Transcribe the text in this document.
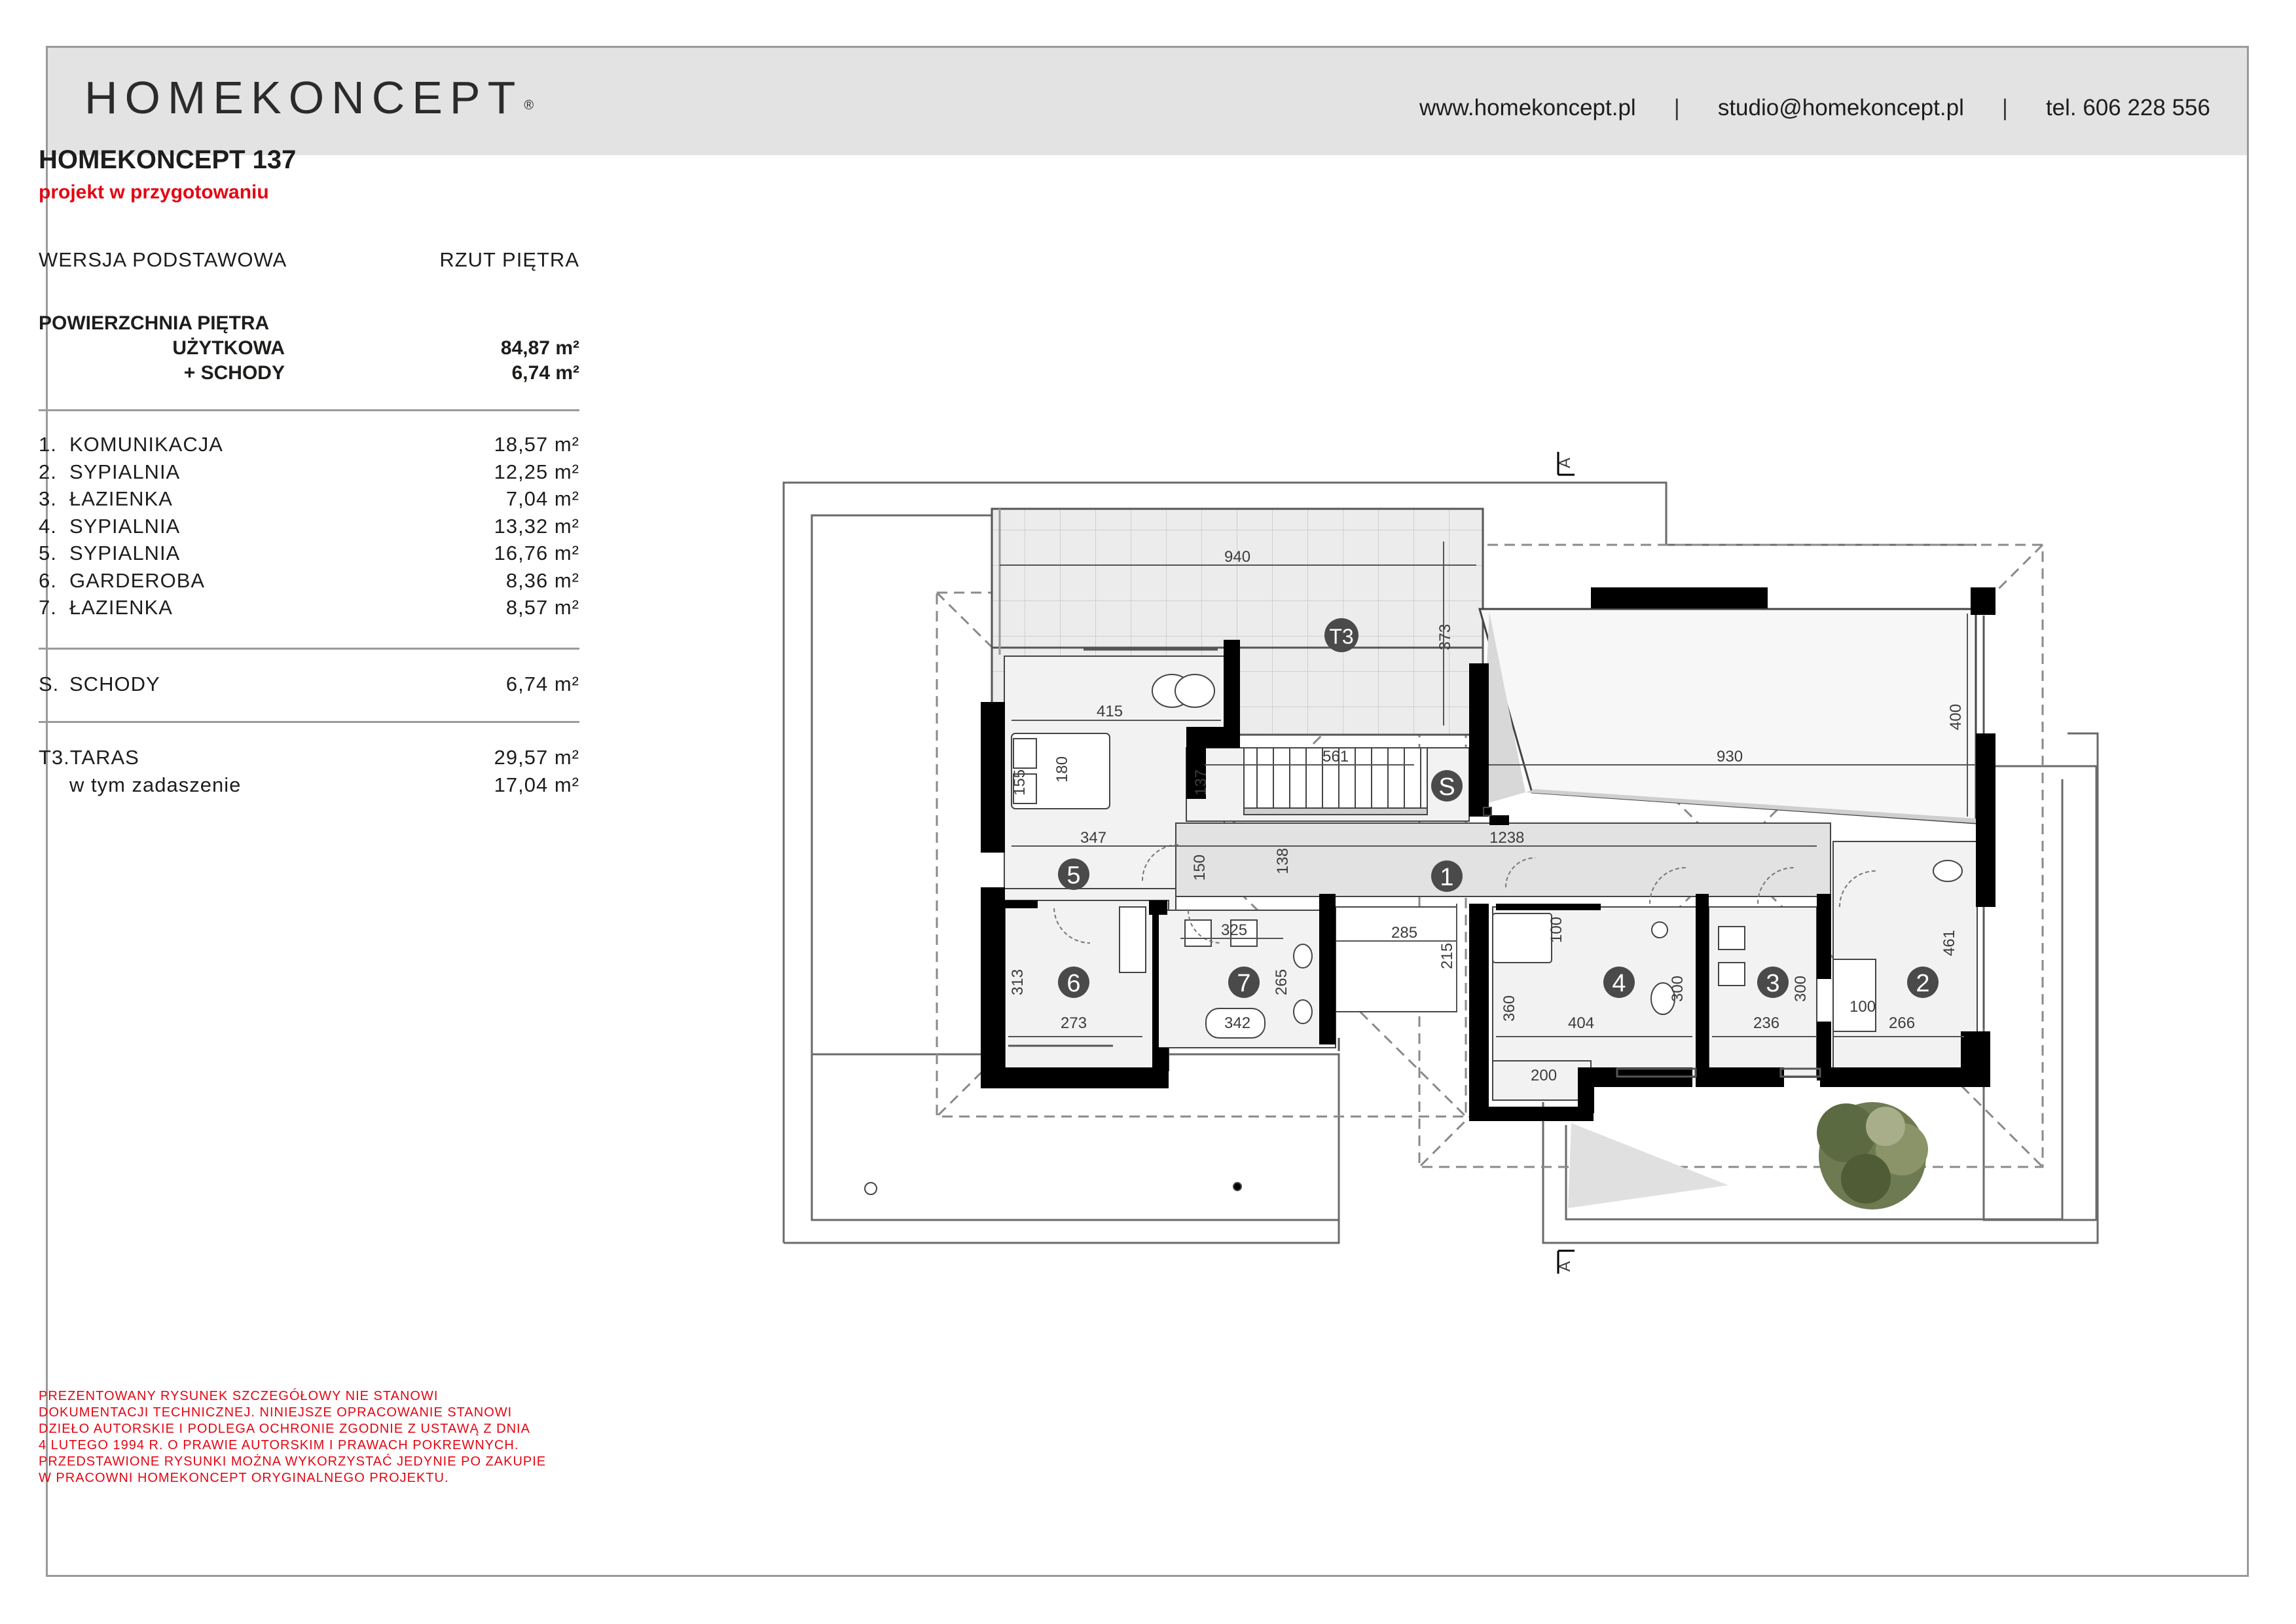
HOMEKONCEPT ®	www.homekoncept.pl | studio@homekoncept.pl | tel. 606 228 556
HOMEKONCEPT 137
projekt w przygotowaniu
WERSJA PODSTAWOWA	RZUT PIĘTRA
POWIERZCHNIA PIĘTRA
UŻYTKOWA	84,87 m²
+ SCHODY	6,74 m²
1. KOMUNIKACJA	18,57 m²
2. SYPIALNIA	12,25 m²
3. ŁAZIENKA	7,04 m²
4. SYPIALNIA	13,32 m²
5. SYPIALNIA	16,76 m²
6. GARDEROBA	8,36 m²
7. ŁAZIENKA	8,57 m²
S. SCHODY	6,74 m²
T3.TARAS	29,57 m²
w tym zadaszenie	17,04 m²
PREZENTOWANY RYSUNEK SZCZEGÓŁOWY NIE STANOWI
DOKUMENTACJI TECHNICZNEJ. NINIEJSZE OPRACOWANIE STANOWI
DZIEŁO AUTORSKIE I PODLEGA OCHRONIE ZGODNIE Z USTAWĄ Z DNIA
4 LUTEGO 1994 R. O PRAWIE AUTORSKIM I PRAWACH POKREWNYCH.
PRZEDSTAWIONE RYSUNKI MOŻNA WYKORZYSTAĆ JEDYNIE PO ZAKUPIE
W PRACOWNI HOMEKONCEPT ORYGINALNEGO PROJEKTU.
A
A
940
373
415
155 180	561
137
930
400
347	1238
138
150
325	285
215
265
342
313
273
100
360
404
300
236
300
100
266
461
200
1
2
3
4
5
6	7
S
T3
